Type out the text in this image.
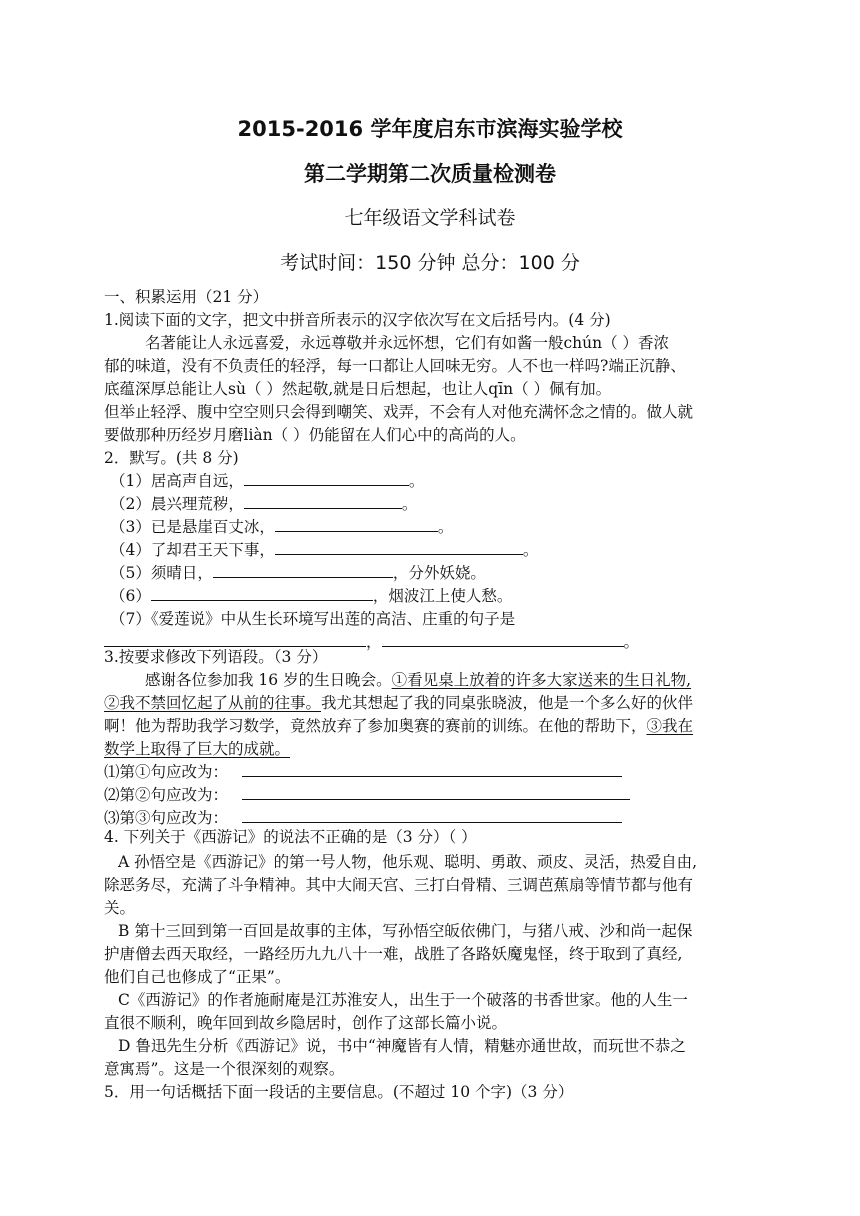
2015-2016 学年度启东市滨海实验学校
第二学期第二次质量检测卷
七年级语文学科试卷
考试时间：150 分钟 总分：100 分
一、积累运用（21 分）
1.阅读下面的文字，把文中拼音所表示的汉字依次写在文后括号内。(4 分)
名著能让人永远喜爱，永远尊敬并永远怀想，它们有如酱一般chún（ ）香浓
郁的味道，没有不负责任的轻浮，每一口都让人回味无穷。人不也一样吗?端正沉静、
底蕴深厚总能让人sù（ ）然起敬,就是日后想起，也让人qīn（ ）佩有加。
但举止轻浮、腹中空空则只会得到嘲笑、戏弄，不会有人对他充满怀念之情的。做人就
要做那种历经岁月磨liàn（ ）仍能留在人们心中的高尚的人。
2．默写。(共 8 分)
（1）居高声自远，	。
（2）晨兴理荒秽，	。
（3）已是悬崖百丈冰，	。
（4）了却君王天下事，	。
（5）须晴日，	，分外妖娆。
（6）	，烟波江上使人愁。
（7）《爱莲说》中从生长环境写出莲的高洁、庄重的句子是
，	。
3.按要求修改下列语段。（3 分）
感谢各位参加我 16 岁的生日晚会。①看见桌上放着的许多大家送来的生日礼物,
②我不禁回忆起了从前的往事。我尤其想起了我的同桌张晓波，他是一个多么好的伙伴
啊！他为帮助我学习数学，竟然放弃了参加奥赛的赛前的训练。在他的帮助下，③我在
数学上取得了巨大的成就。
⑴第①句应改为：
⑵第②句应改为：
⑶第③句应改为：
4. 下列关于《西游记》的说法不正确的是（3 分）（ ）
A 孙悟空是《西游记》的第一号人物，他乐观、聪明、勇敢、顽皮、灵活，热爱自由,
除恶务尽，充满了斗争精神。其中大闹天宫、三打白骨精、三调芭蕉扇等情节都与他有
关。
B 第十三回到第一百回是故事的主体，写孙悟空皈依佛门，与猪八戒、沙和尚一起保
护唐僧去西天取经，一路经历九九八十一难，战胜了各路妖魔鬼怪，终于取到了真经,
他们自己也修成了“正果”。
C《西游记》的作者施耐庵是江苏淮安人，出生于一个破落的书香世家。他的人生一
直很不顺利，晚年回到故乡隐居时，创作了这部长篇小说。
D 鲁迅先生分析《西游记》说，书中“神魔皆有人情，精魅亦通世故，而玩世不恭之
意寓焉”。这是一个很深刻的观察。
5．用一句话概括下面一段话的主要信息。(不超过 10 个字)（3 分）
